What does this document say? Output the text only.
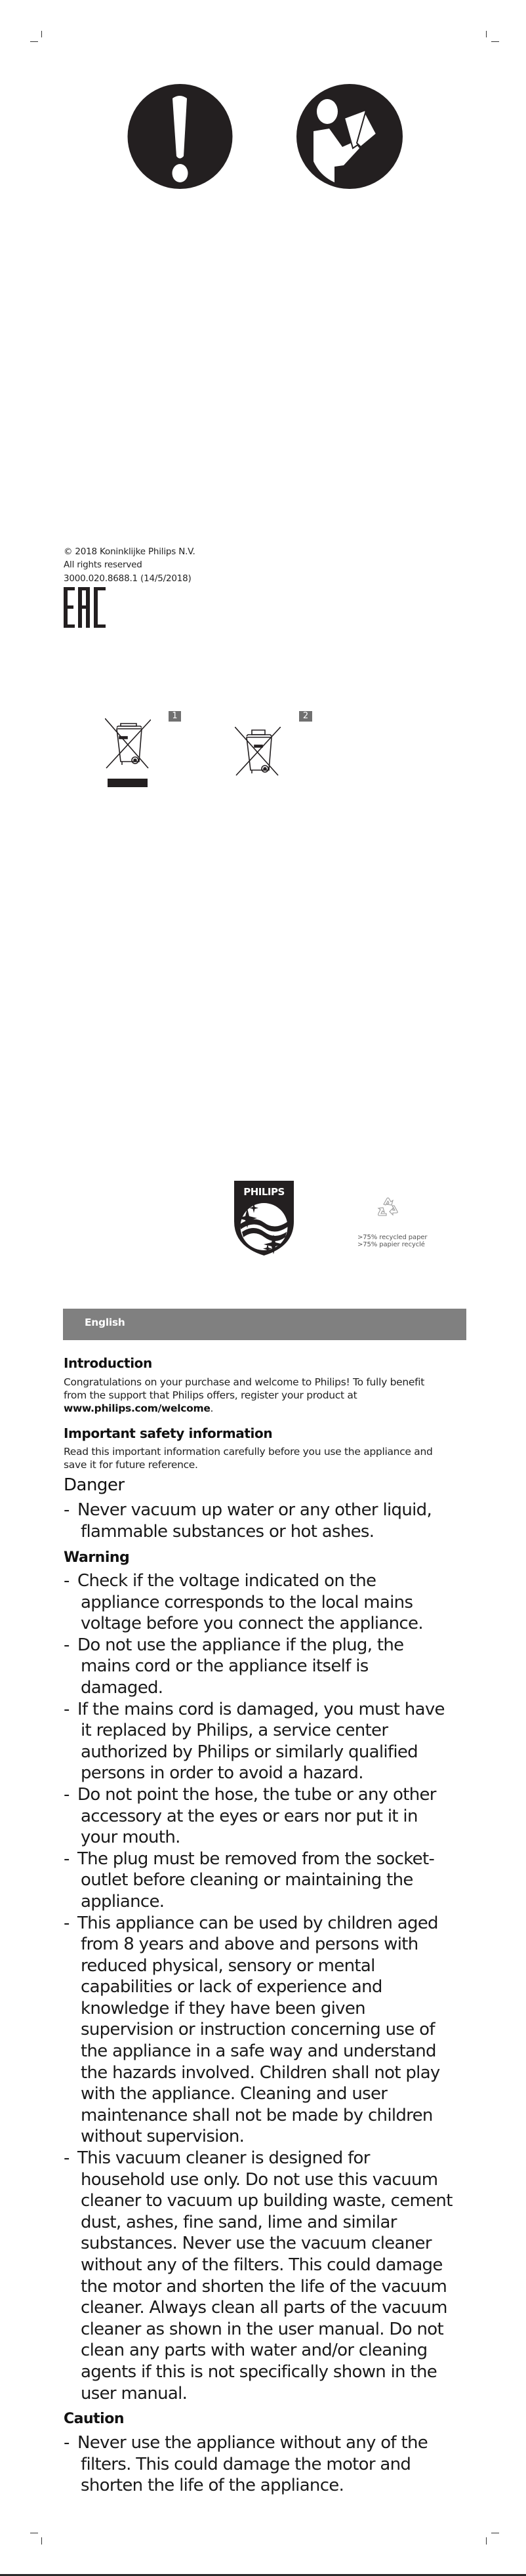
© 2018 Koninklijke Philips N.V.
All rights reserved
3000.020.8688.1 (14/5/2018)
1	2
PHILIPS
>75% recycled paper
>75% papier recyclé
English
Introduction
Congratulations on your purchase and welcome to Philips! To fully benefit
from the support that Philips offers, register your product at
www.philips.com/welcome.
Important safety information
Read this important information carefully before you use the appliance and
save it for future reference.
Danger
- Never vacuum up water or any other liquid,
flammable substances or hot ashes.
Warning
- Check if the voltage indicated on the
appliance corresponds to the local mains
voltage before you connect the appliance.
- Do not use the appliance if the plug, the
mains cord or the appliance itself is
damaged.
- If the mains cord is damaged, you must have
it replaced by Philips, a service center
authorized by Philips or similarly qualified
persons in order to avoid a hazard.
- Do not point the hose, the tube or any other
accessory at the eyes or ears nor put it in
your mouth.
- The plug must be removed from the socket-
outlet before cleaning or maintaining the
appliance.
- This appliance can be used by children aged
from 8 years and above and persons with
reduced physical, sensory or mental
capabilities or lack of experience and
knowledge if they have been given
supervision or instruction concerning use of
the appliance in a safe way and understand
the hazards involved. Children shall not play
with the appliance. Cleaning and user
maintenance shall not be made by children
without supervision.
- This vacuum cleaner is designed for
household use only. Do not use this vacuum
cleaner to vacuum up building waste, cement
dust, ashes, fine sand, lime and similar
substances. Never use the vacuum cleaner
without any of the filters. This could damage
the motor and shorten the life of the vacuum
cleaner. Always clean all parts of the vacuum
cleaner as shown in the user manual. Do not
clean any parts with water and/or cleaning
agents if this is not specifically shown in the
user manual.
Caution
- Never use the appliance without any of the
filters. This could damage the motor and
shorten the life of the appliance.
